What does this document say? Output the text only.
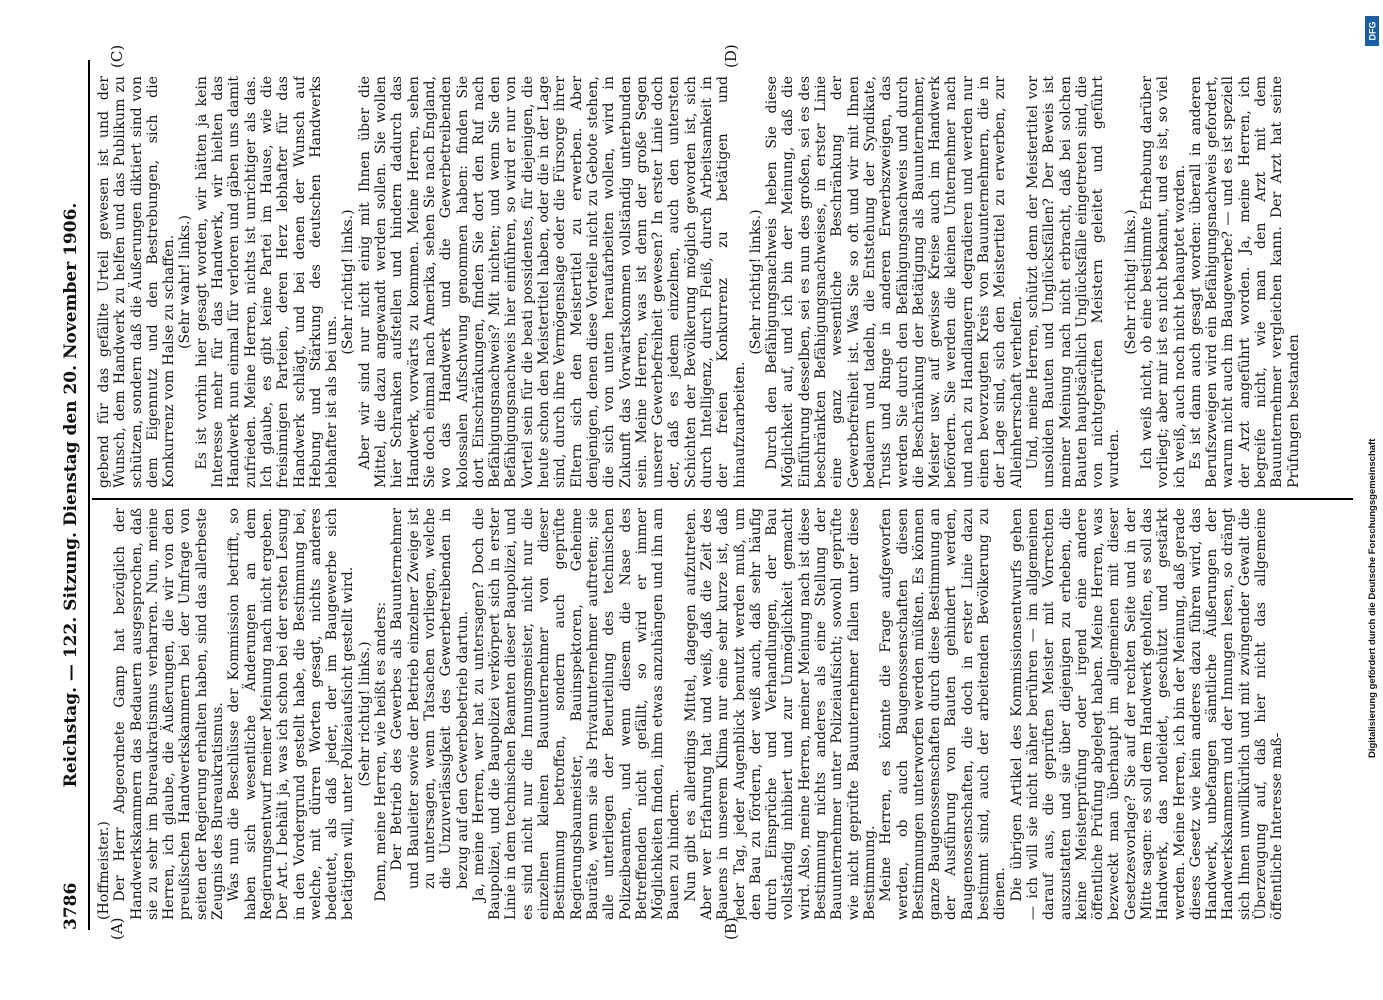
3786
Reichstag. — 122. Sitzung. Dienstag den 20. November 1906.
(A)	(B)
(C)	(D)

(Hoffmeister.) Der Herr Abgeordnete Gamp hat bezüglich der Handwerkskammern das Bedauern ausgesprochen, daß sie zu sehr im Bureaukratismus verharren. Nun, meine Herren, ich glaube, die Äußerungen, die wir von den preußischen Handwerkskammern bei der Umfrage von seiten der Regierung erhalten haben, sind das allerbeste Zeugnis des Bureaukratismus. Was nun die Beschlüsse der Kommission betrifft, so haben sich wesentliche Änderungen an dem Regierungsentwurf meiner Meinung nach nicht ergeben. Der Art. I behält ja, was ich schon bei der ersten Lesung in den Vordergrund gestellt habe, die Bestimmung bei, welche, mit dürren Worten gesagt, nichts anderes bedeutet, als daß jeder, der im Baugewerbe sich betätigen will, unter Polizeiaufsicht gestellt wird. (Sehr richtig! links.) Denn, meine Herren, wie heißt es anders: Der Betrieb des Gewerbes als Bauunternehmer und Bauleiter sowie der Betrieb einzelner Zweige ist zu untersagen, wenn Tatsachen vorliegen, welche die Unzuverlässigkeit des Gewerbetreibenden in bezug auf den Gewerbebetrieb dartun. Ja, meine Herren, wer hat zu untersagen? Doch die Baupolizei, und die Baupolizei verkörpert sich in erster Linie in dem technischen Beamten dieser Baupolizei, und es sind nicht nur die Innungsmeister, nicht nur die einzelnen kleinen Bauunternehmer von dieser Bestimmung betroffen, sondern auch geprüfte Regierungsbaumeister, Bauinspektoren, Geheime Bauräte, wenn sie als Privatunternehmer auftreten; sie alle unterliegen der Beurteilung des technischen Polizeibeamten, und wenn diesem die Nase des Betreffenden nicht gefällt, so wird er immer Möglichkeiten finden, ihm etwas anzuhängen und ihn am Bauen zu hindern. Nun gibt es allerdings Mittel, dagegen aufzutreten. Aber wer Erfahrung hat und weiß, daß die Zeit des Bauens in unserem Klima nur eine sehr kurze ist, daß jeder Tag, jeder Augenblick benutzt werden muß, um den Bau zu fördern, der weiß auch, daß sehr häufig durch Einsprüche und Verhandlungen, der Bau vollständig inhibiert und zur Unmöglichkeit gemacht wird. Also, meine Herren, meiner Meinung nach ist diese Bestimmung nichts anderes als eine Stellung der Bauunternehmer unter Polizeiaufsicht; sowohl geprüfte wie nicht geprüfte Bauunternehmer fallen unter diese Bestimmung. Meine Herren, es könnte die Frage aufgeworfen werden, ob auch Baugenossenschaften diesen Bestimmungen unterworfen werden müßten. Es können ganze Baugenossenschaften durch diese Bestimmung an der Ausführung von Bauten gehindert werden, Baugenossenschaften, die doch in erster Linie dazu bestimmt sind, auch der arbeitenden Bevölkerung zu dienen. Die übrigen Artikel des Kommissionsentwurfs gehen — ich will sie nicht näher berühren — im allgemeinen darauf aus, die geprüften Meister mit Vorrechten auszustatten und sie über diejenigen zu erheben, die keine Meisterprüfung oder irgend eine andere öffentliche Prüfung abgelegt haben. Meine Herren, was bezweckt man überhaupt im allgemeinen mit dieser Gesetzesvorlage? Sie auf der rechten Seite und in der Mitte sagen: es soll dem Handwerk geholfen, es soll das Handwerk, das notleidet, geschützt und gestärkt werden. Meine Herren, ich bin der Meinung, daß gerade dieses Gesetz wie kein anderes dazu führen wird, das Handwerk, unbefangen sämtliche Äußerungen der Handwerkskammern und der Innungen lesen, so drängt sich Ihnen unwillkürlich und mit zwingender Gewalt die Überzeugung auf, daß hier nicht das allgemeine öffentliche Interesse maß-

gebend für das gefällte Urteil gewesen ist und der Wunsch, dem Handwerk zu helfen und das Publikum zu schützen, sondern daß die Äußerungen diktiert sind von dem Eigennutz und den Bestrebungen, sich die Konkurrenz vom Halse zu schaffen. (Sehr wahr! links.) Es ist vorhin hier gesagt worden, wir hätten ja kein Interesse mehr für das Handwerk, wir hielten das Handwerk nun einmal für verloren und gäben uns damit zufrieden. Meine Herren, nichts ist unrichtiger als das. Ich glaube, es gibt keine Partei im Hause, wie die freisinnigen Parteien, deren Herz lebhafter für das Handwerk schlägt, und bei denen der Wunsch auf Hebung und Stärkung des deutschen Handwerks lebhafter ist als bei uns.

(Sehr richtig! links.) Aber wir sind nur nicht einig mit Ihnen über die Mittel, die dazu angewandt werden sollen. Sie wollen hier Schranken aufstellen und hindern dadurch das Handwerk, vorwärts zu kommen. Meine Herren, sehen Sie doch einmal nach Amerika, sehen Sie nach England, wo das Handwerk und die Gewerbetreibenden kolossalen Aufschwung genommen haben: finden Sie dort Einschränkungen, finden Sie dort den Ruf nach Befähigungsnachweis? Mit nichten; und wenn Sie den Befähigungsnachweis hier einführen, so wird er nur von Vorteil sein für die beati possidentes, für diejenigen, die heute schon den Meistertitel haben, oder die in der Lage sind, durch ihre Vermögenslage oder die Fürsorge ihrer Eltern sich den Meistertitel zu erwerben. Aber denjenigen, denen diese Vorteile nicht zu Gebote stehen, die sich von unten heraufarbeiten wollen, wird in Zukunft das Vorwärtskommen vollständig unterbunden sein. Meine Herren, was ist denn der große Segen unserer Gewerbefreiheit gewesen? In erster Linie doch der, daß es jedem einzelnen, auch den untersten Schichten der Bevölkerung möglich geworden ist, sich durch Intelligenz, durch Fleiß, durch Arbeitsamkeit in der freien Konkurrenz zu betätigen und hinaufzuarbeiten.

(Sehr richtig! links.) Durch den Befähigungsnachweis heben Sie diese Möglichkeit auf, und ich bin der Meinung, daß die Einführung desselben, sei es nun des großen, sei es des beschränkten Befähigungsnachweises, in erster Linie eine ganz wesentliche Beschränkung der Gewerbefreiheit ist. Was Sie so oft und wir mit Ihnen bedauern und tadeln, die Entstehung der Syndikate, Trusts und Ringe in anderen Erwerbszweigen, das werden Sie durch den Befähigungsnachweis und durch die Beschränkung der Betätigung als Bauunternehmer, Meister usw. auf gewisse Kreise auch im Handwerk befördern. Sie werden die kleinen Unternehmer nach und nach zu Handlangern degradieren und werden nur einen bevorzugten Kreis von Bauunternehmern, die in der Lage sind, sich den Meistertitel zu erwerben, zur Alleinherrschaft verhelfen. Und, meine Herren, schützt denn der Meistertitel vor unsoliden Bauten und Unglücksfällen? Der Beweis ist meiner Meinung nach nicht erbracht, daß bei solchen Bauten hauptsächlich Unglücksfälle eingetreten sind, die von nichtgeprüften Meistern geleitet und geführt wurden.

(Sehr richtig! links.) Ich weiß nicht, ob eine bestimmte Erhebung darüber vorliegt; aber mir ist es nicht bekannt, und es ist, so viel ich weiß, auch noch nicht behauptet worden. Es ist dann auch gesagt worden: überall in anderen Berufszweigen wird ein Befähigungsnachweis gefordert, warum nicht auch im Baugewerbe? — und es ist speziell der Arzt angeführt worden. Ja, meine Herren, ich begreife nicht, wie man den Arzt mit dem Bauunternehmer vergleichen kann. Der Arzt hat seine Prüfungen bestanden

DFG
Digitalisierung gefördert durch die Deutsche Forschungsgemeinschaft
